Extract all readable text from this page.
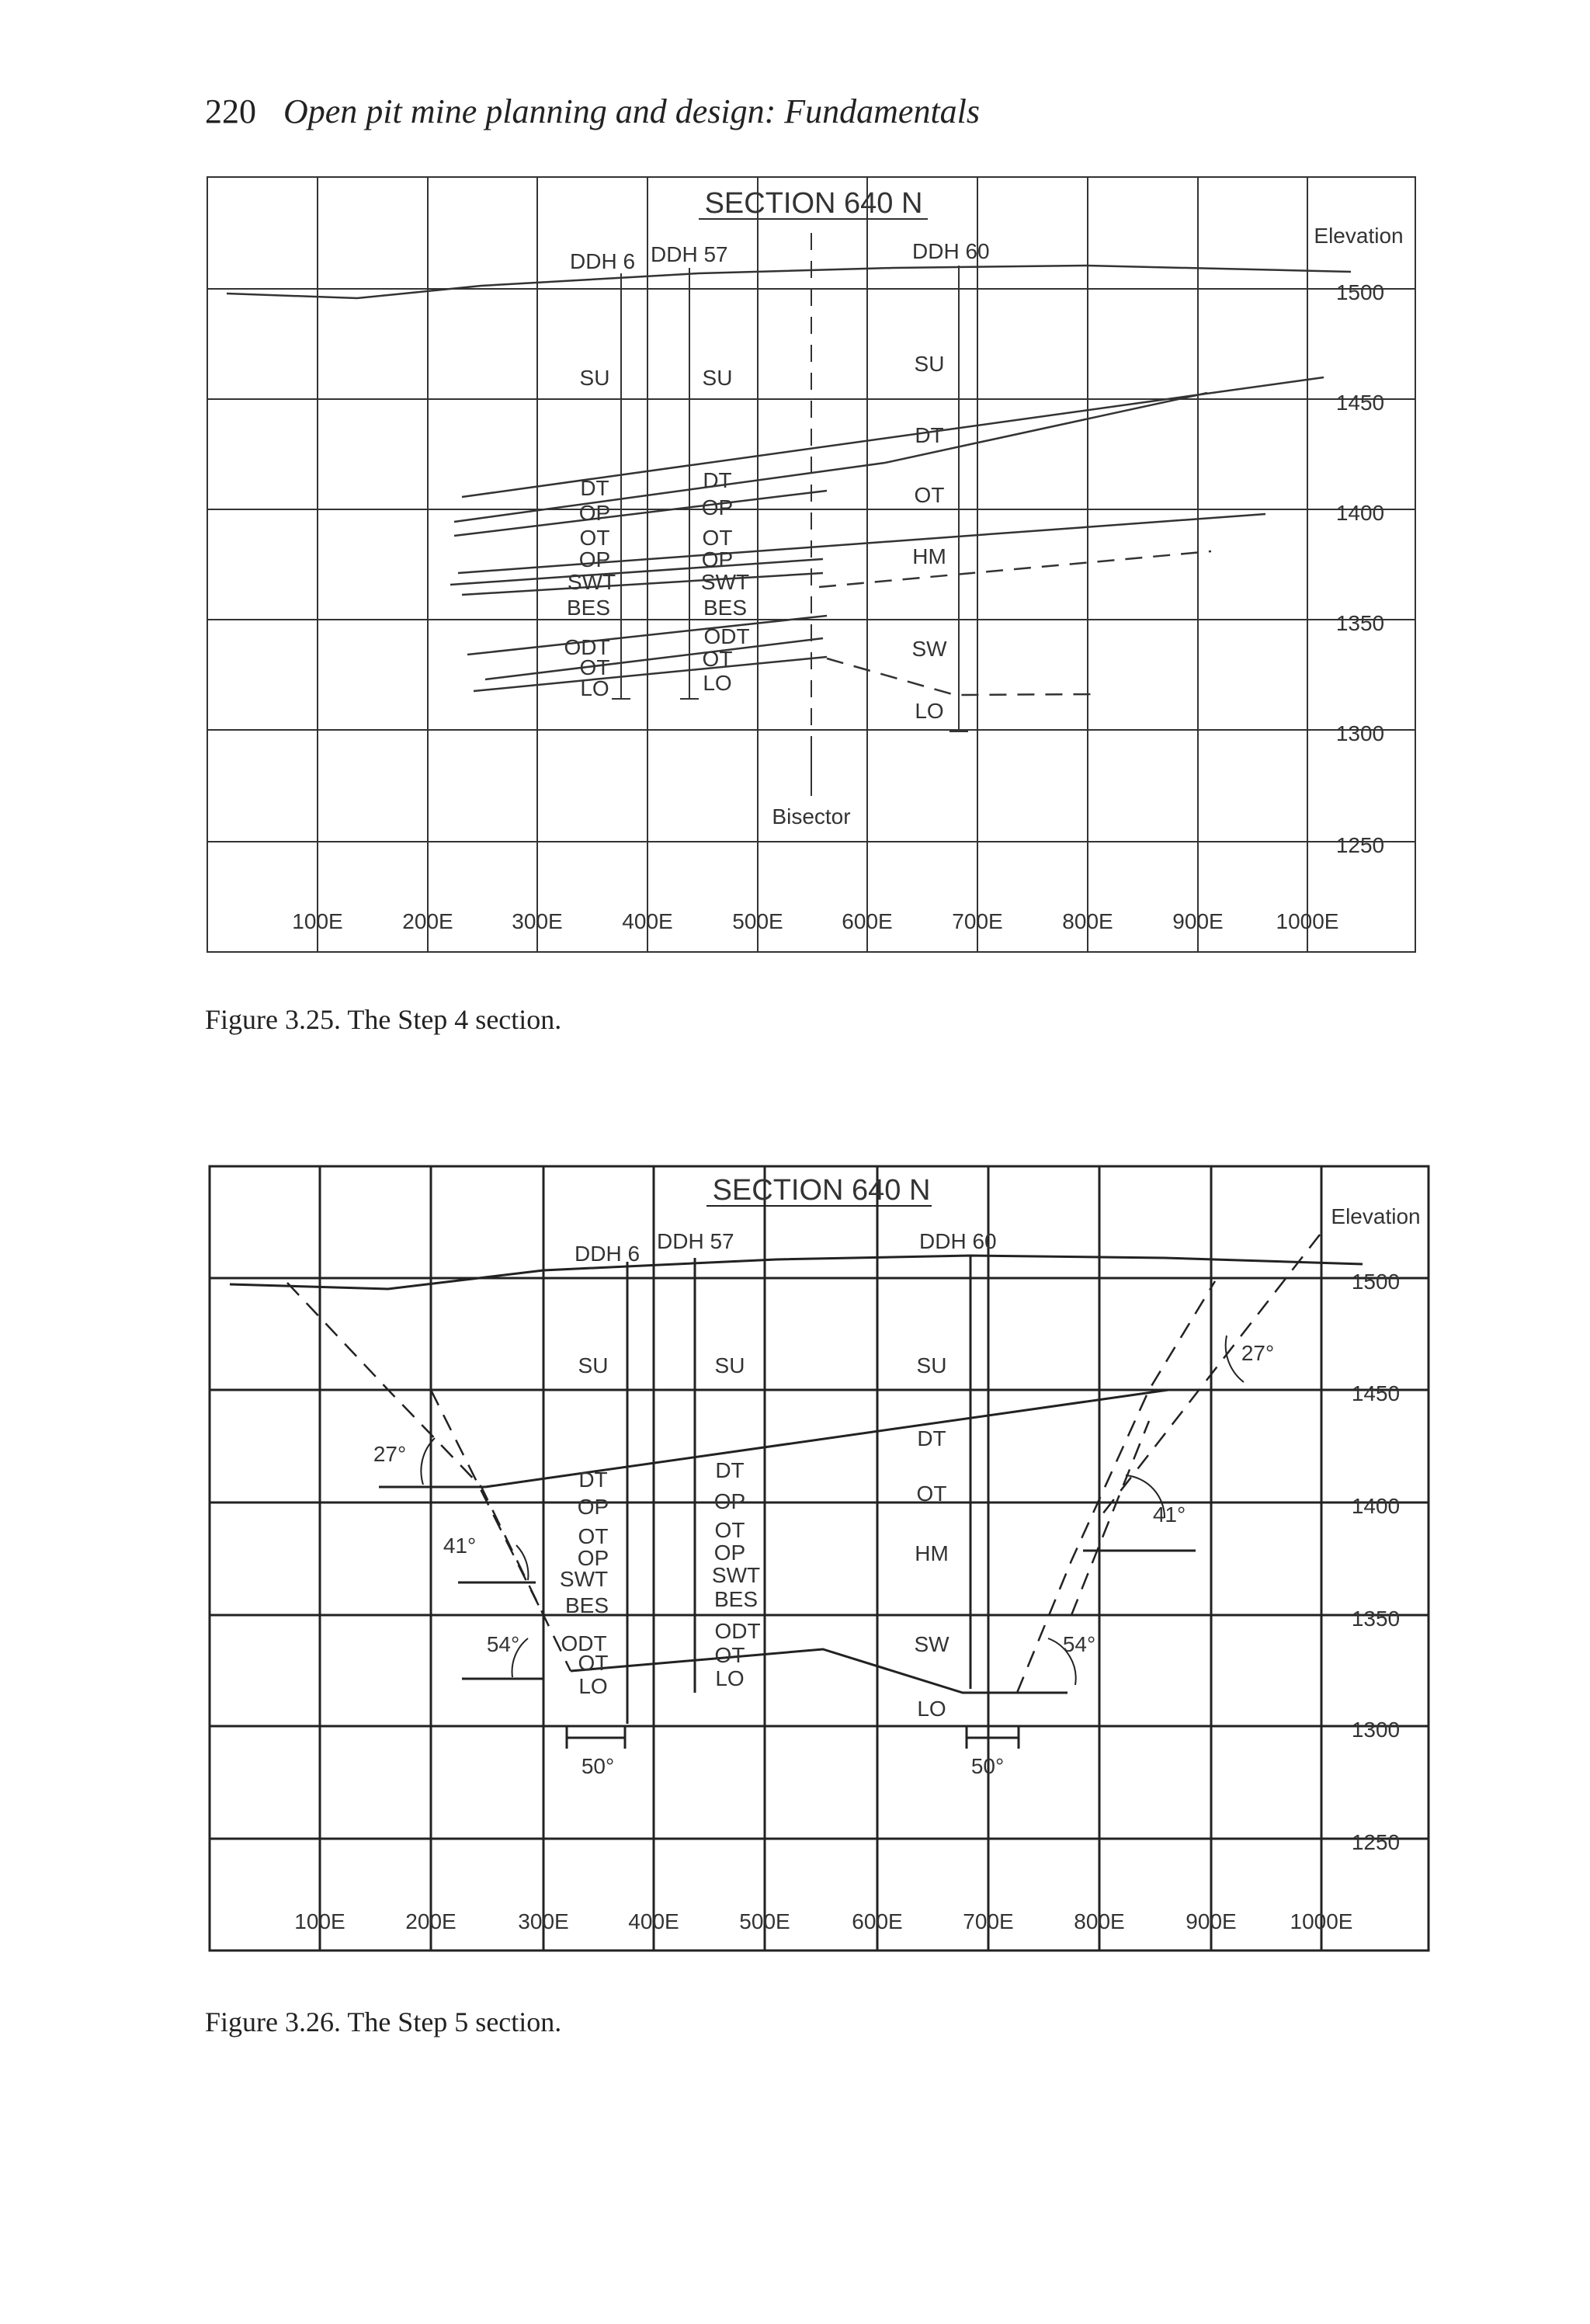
220 Open pit mine planning and design: Fundamentals
SECTION 640 N
Elevation
1500
1450
1400
1350
1300
1250
100E	200E	300E	400E	500E	600E	700E	800E	900E 1000E
DDH 6 DDH 57	DDH 60
SU
DT
OP
OT
OP
SWT
BES
ODT
OT
LO
SU
DT
OP
OT
OP
SWT
BES
ODT
OT
LO
SU
DT
OT
HM
SW
LO
Bisector
Figure 3.25. The Step 4 section.
SECTION 640 N
Elevation
1500
1450
1400
1350
1300
1250
100E	200E	300E	400E	500E	600E	700E	800E	900E 1000E
DDH 6
DDH 57	DDH 60
SU
DT
OP
OT
OP
SWT
BES
ODT
OT
LO
SU
DT
OP
OT
OP
SWT
BES
ODT
OT
LO
SU
DT
OT
HM
SW
LO
27°
41°
54°
27°
41°
54°
50°	50°
Figure 3.26. The Step 5 section.
